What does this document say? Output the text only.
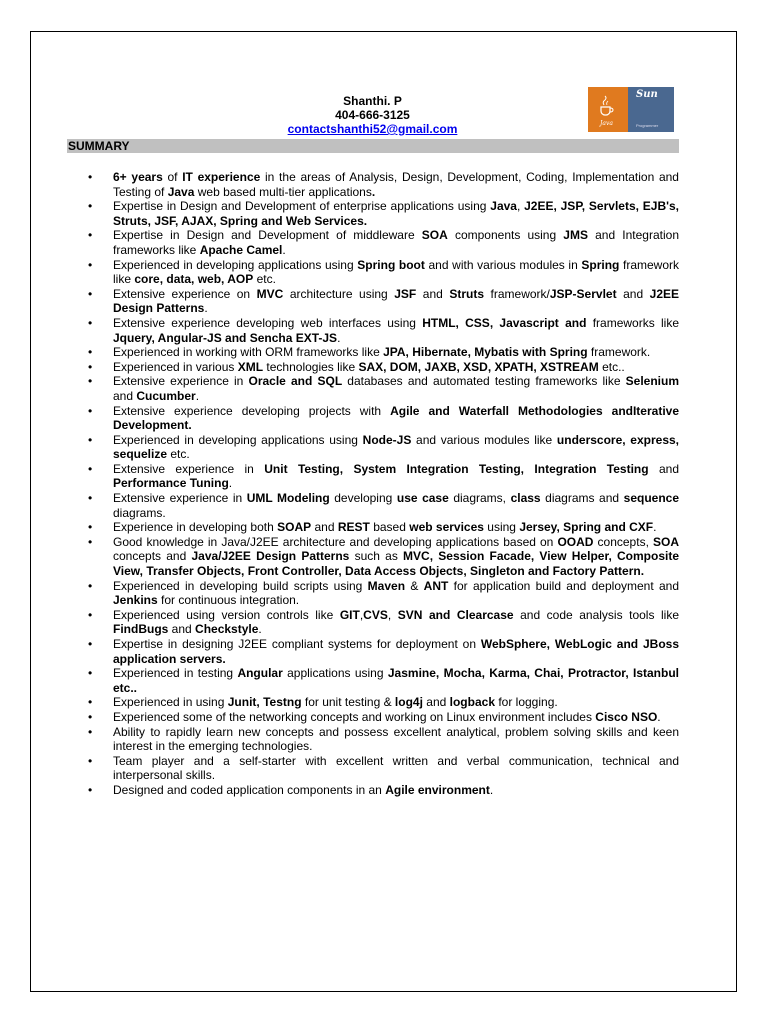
Shanthi. P
404-666-3125
contactshanthi52@gmail.com	Java
Sun
Programmer
SUMMARY
• 6+ years of IT experience in the areas of Analysis, Design, Development, Coding, Implementation and Testing of Java web based multi-tier applications.
• Expertise in Design and Development of enterprise applications using Java, J2EE, JSP, Servlets, EJB's, Struts, JSF, AJAX, Spring and Web Services.
• Expertise in Design and Development of middleware SOA components using JMS and Integration frameworks like Apache Camel.
• Experienced in developing applications using Spring boot and with various modules in Spring framework like core, data, web, AOP etc.
• Extensive experience on MVC architecture using JSF and Struts framework/JSP-Servlet and J2EE Design Patterns.
• Extensive experience developing web interfaces using HTML, CSS, Javascript and frameworks like Jquery, Angular-JS and Sencha EXT-JS.
• Experienced in working with ORM frameworks like JPA, Hibernate, Mybatis with Spring framework.
• Experienced in various XML technologies like SAX, DOM, JAXB, XSD, XPATH, XSTREAM etc..
• Extensive experience in Oracle and SQL databases and automated testing frameworks like Selenium and Cucumber.
• Extensive experience developing projects with Agile and Waterfall Methodologies andIterative Development.
• Experienced in developing applications using Node-JS and various modules like underscore, express, sequelize etc.
• Extensive experience in Unit Testing, System Integration Testing, Integration Testing and Performance Tuning.
• Extensive experience in UML Modeling developing use case diagrams, class diagrams and sequence diagrams.
• Experience in developing both SOAP and REST based web services using Jersey, Spring and CXF.
• Good knowledge in Java/J2EE architecture and developing applications based on OOAD concepts, SOA concepts and Java/J2EE Design Patterns such as MVC, Session Facade, View Helper, Composite View, Transfer Objects, Front Controller, Data Access Objects, Singleton and Factory Pattern.
• Experienced in developing build scripts using Maven & ANT for application build and deployment and Jenkins for continuous integration.
• Experienced using version controls like GIT,CVS, SVN and Clearcase and code analysis tools like FindBugs and Checkstyle.
• Expertise in designing J2EE compliant systems for deployment on WebSphere, WebLogic and JBoss application servers.
• Experienced in testing Angular applications using Jasmine, Mocha, Karma, Chai, Protractor, Istanbul etc..
• Experienced in using Junit, Testng for unit testing & log4j and logback for logging.
• Experienced some of the networking concepts and working on Linux environment includes Cisco NSO.
• Ability to rapidly learn new concepts and possess excellent analytical, problem solving skills and keen interest in the emerging technologies.
• Team player and a self-starter with excellent written and verbal communication, technical and interpersonal skills.
• Designed and coded application components in an Agile environment.
